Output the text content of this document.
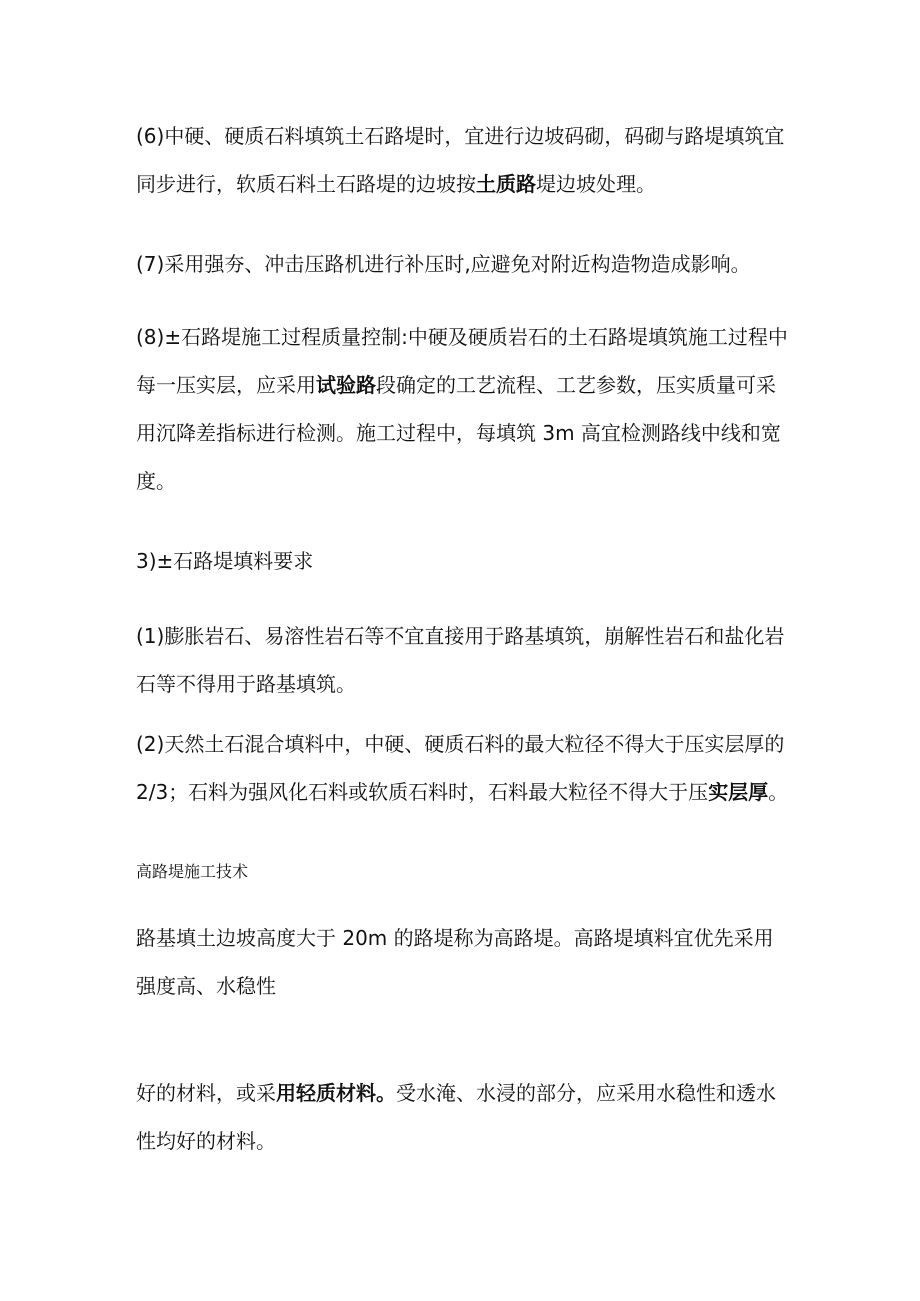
(6)中硬、硬质石料填筑土石路堤时，宜进行边坡码砌，码砌与路堤填筑宜同步进行，软质石料土石路堤的边坡按土质路堤边坡处理。

(7)采用强夯、冲击压路机进行补压时,应避免对附近构造物造成影响。

(8)±石路堤施工过程质量控制:中硬及硬质岩石的土石路堤填筑施工过程中每一压实层，应采用试验路段确定的工艺流程、工艺参数，压实质量可采用沉降差指标进行检测。施工过程中，每填筑 3m 高宜检测路线中线和宽度。

3)±石路堤填料要求

(1)膨胀岩石、易溶性岩石等不宜直接用于路基填筑，崩解性岩石和盐化岩石等不得用于路基填筑。

(2)天然土石混合填料中，中硬、硬质石料的最大粒径不得大于压实层厚的 2/3；石料为强风化石料或软质石料时，石料最大粒径不得大于压实层厚。

高路堤施工技术

路基填土边坡高度大于 20m 的路堤称为高路堤。高路堤填料宜优先采用强度高、水稳性

好的材料，或采用轻质材料。受水淹、水浸的部分，应采用水稳性和透水性均好的材料。
